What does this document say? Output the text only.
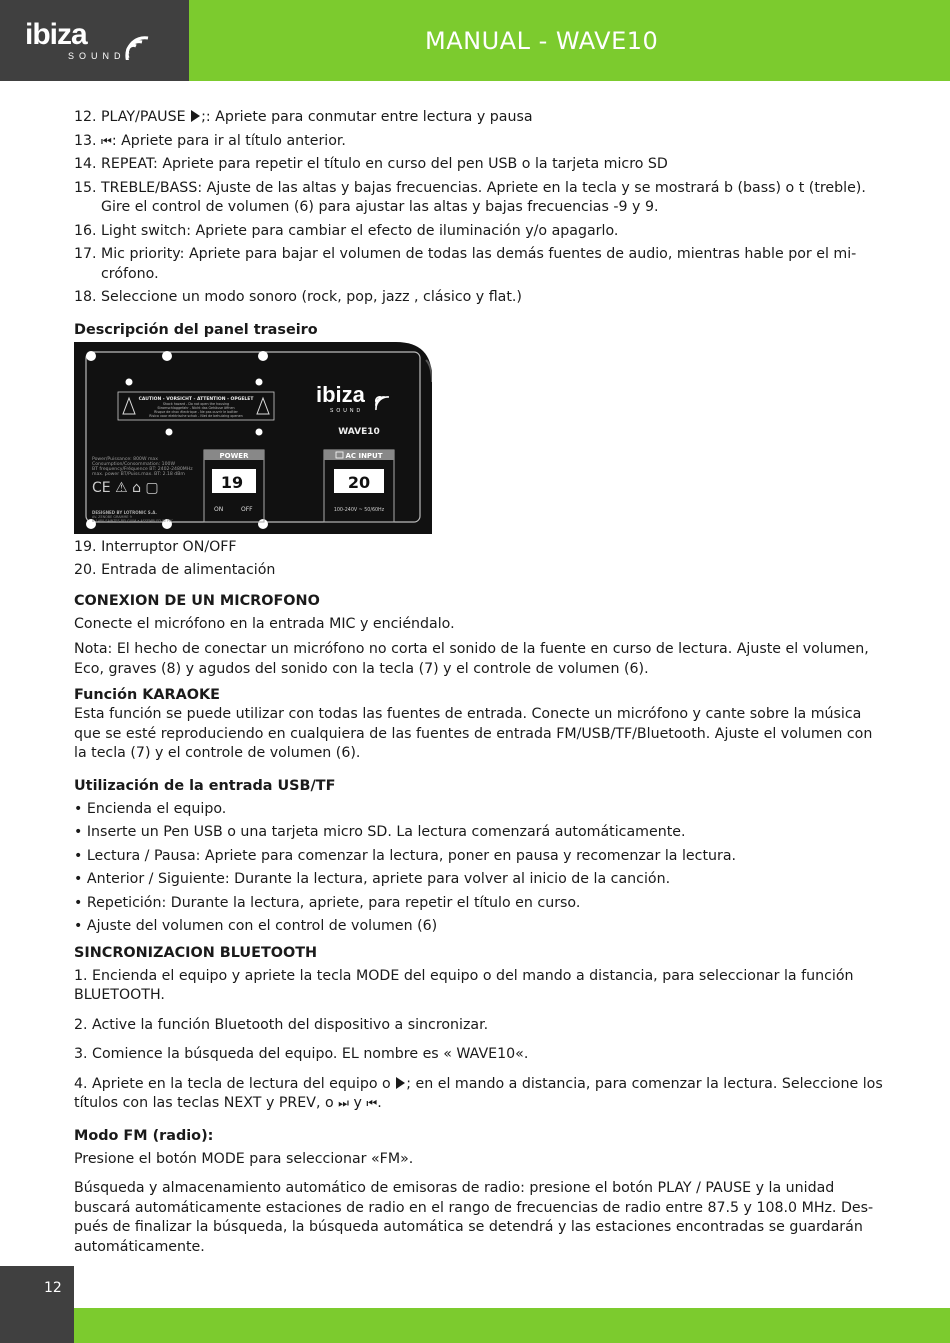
ibiza
SOUND
MANUAL - WAVE10

12. PLAY/PAUSE ;: Apriete para conmutar entre lectura y pausa

13. ⏮: Apriete para ir al título anterior.

14. REPEAT: Apriete para repetir el título en curso del pen USB o la tarjeta micro SD

15. TREBLE/BASS: Ajuste de las altas y bajas frecuencias. Apriete en la tecla y se mostrará b (bass) o t (treble). Gire el control de volumen (6) para ajustar las altas y bajas frecuencias -9 y 9.

16. Light switch: Apriete para cambiar el efecto de iluminación y/o apagarlo.

17. Mic priority: Apriete para bajar el volumen de todas las demás fuentes de audio, mientras hable por el mi-crófono.

18. Seleccione un modo sonoro (rock, pop, jazz , clásico y flat.)

Descripción del panel traseiro
CAUTION - VORSICHT - ATTENTION - OPGELET
Shock hazard - Do not open the housing
Stromschlaggefahr - Nicht das Gehäuse öffnen
Risque de choc électrique - Ne pas ouvrir le boîtier
Risico voor elektrische schok - Niet de behuizing openen
ibiza
SOUND
WAVE10
Power/Puissance: 800W max
Consumption/Consommation: 100W
BT frequency/Fréquence BT: 2402-2480MHz
max. power BT/Puiss.max. BT: 2.18 dBm
CE ⚠ ⌂ ▢
DESIGNED BY LOTRONIC S.A.
AV. ZENOBE GRAMME 9
B-1480 SAINTES BELGIUM • ASSEMBLED IN PRC
POWER
19
ON	OFF
AC INPUT
20
100-240V ~ 50/60Hz

19. Interruptor ON/OFF

20. Entrada de alimentación

CONEXION DE UN MICROFONO

Conecte el micrófono en la entrada MIC y enciéndalo.

Nota: El hecho de conectar un micrófono no corta el sonido de la fuente en curso de lectura. Ajuste el volumen, Eco, graves (8) y agudos del sonido con la tecla (7) y el controle de volumen (6).

Función KARAOKE

Esta función se puede utilizar con todas las fuentes de entrada. Conecte un micrófono y cante sobre la música que se esté reproduciendo en cualquiera de las fuentes de entrada FM/USB/TF/Bluetooth. Ajuste el volumen con la tecla (7) y el controle de volumen (6).

Utilización de la entrada USB/TF

• Encienda el equipo.

• Inserte un Pen USB o una tarjeta micro SD. La lectura comenzará automáticamente.

• Lectura / Pausa: Apriete para comenzar la lectura, poner en pausa y recomenzar la lectura.

• Anterior / Siguiente: Durante la lectura, apriete para volver al inicio de la canción.

• Repetición: Durante la lectura, apriete, para repetir el título en curso.

• Ajuste del volumen con el control de volumen (6)

SINCRONIZACION BLUETOOTH

1. Encienda el equipo y apriete la tecla MODE del equipo o del mando a distancia, para seleccionar la función BLUETOOTH.

2. Active la función Bluetooth del dispositivo a sincronizar.

3. Comience la búsqueda del equipo. EL nombre es « WAVE10«.

4. Apriete en la tecla de lectura del equipo o ; en el mando a distancia, para comenzar la lectura. Seleccione los títulos con las teclas NEXT y PREV, o ⏭ y ⏮.

Modo FM (radio):

Presione el botón MODE para seleccionar «FM».

Búsqueda y almacenamiento automático de emisoras de radio: presione el botón PLAY / PAUSE y la unidad buscará automáticamente estaciones de radio en el rango de frecuencias de radio entre 87.5 y 108.0 MHz. Des-pués de finalizar la búsqueda, la búsqueda automática se detendrá y las estaciones encontradas se guardarán automáticamente.

12
